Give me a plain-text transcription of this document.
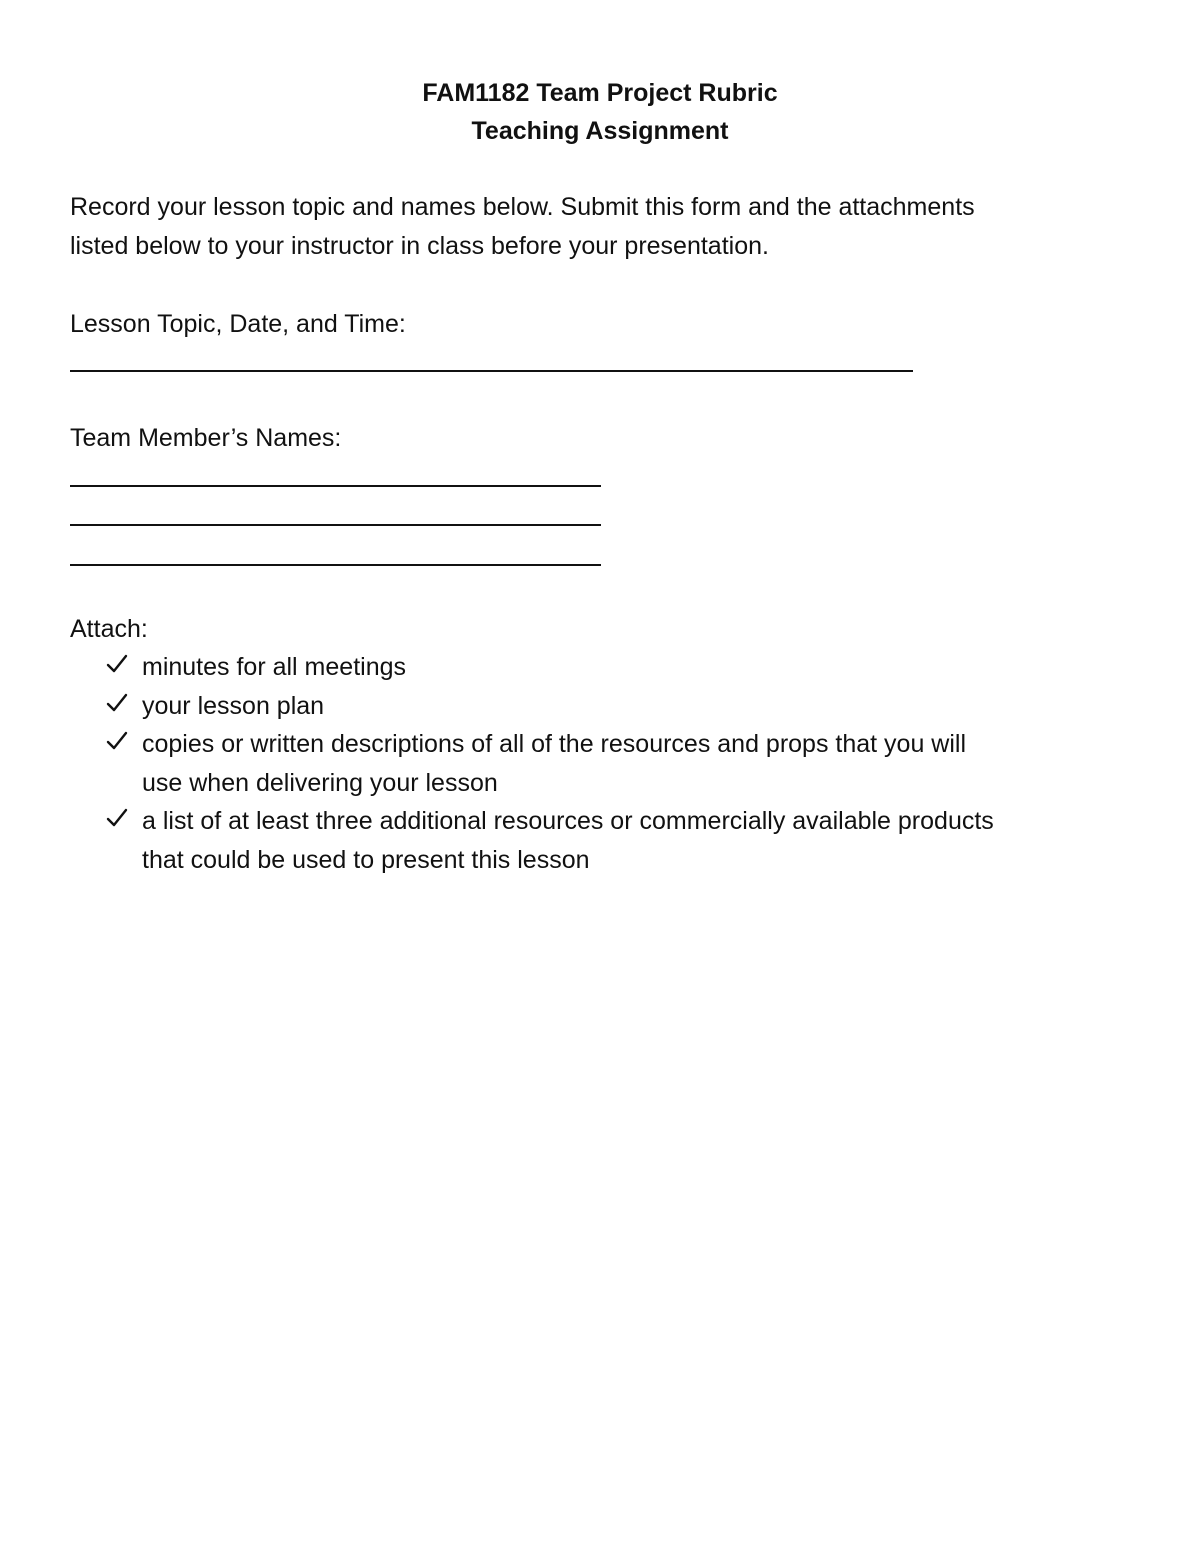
FAM1182 Team Project Rubric
Teaching Assignment
Record your lesson topic and names below. Submit this form and the attachments
listed below to your instructor in class before your presentation.
Lesson Topic, Date, and Time:
Team Member’s Names:
Attach:
minutes for all meetings
your lesson plan
copies or written descriptions of all of the resources and props that you will
use when delivering your lesson
a list of at least three additional resources or commercially available products
that could be used to present this lesson
